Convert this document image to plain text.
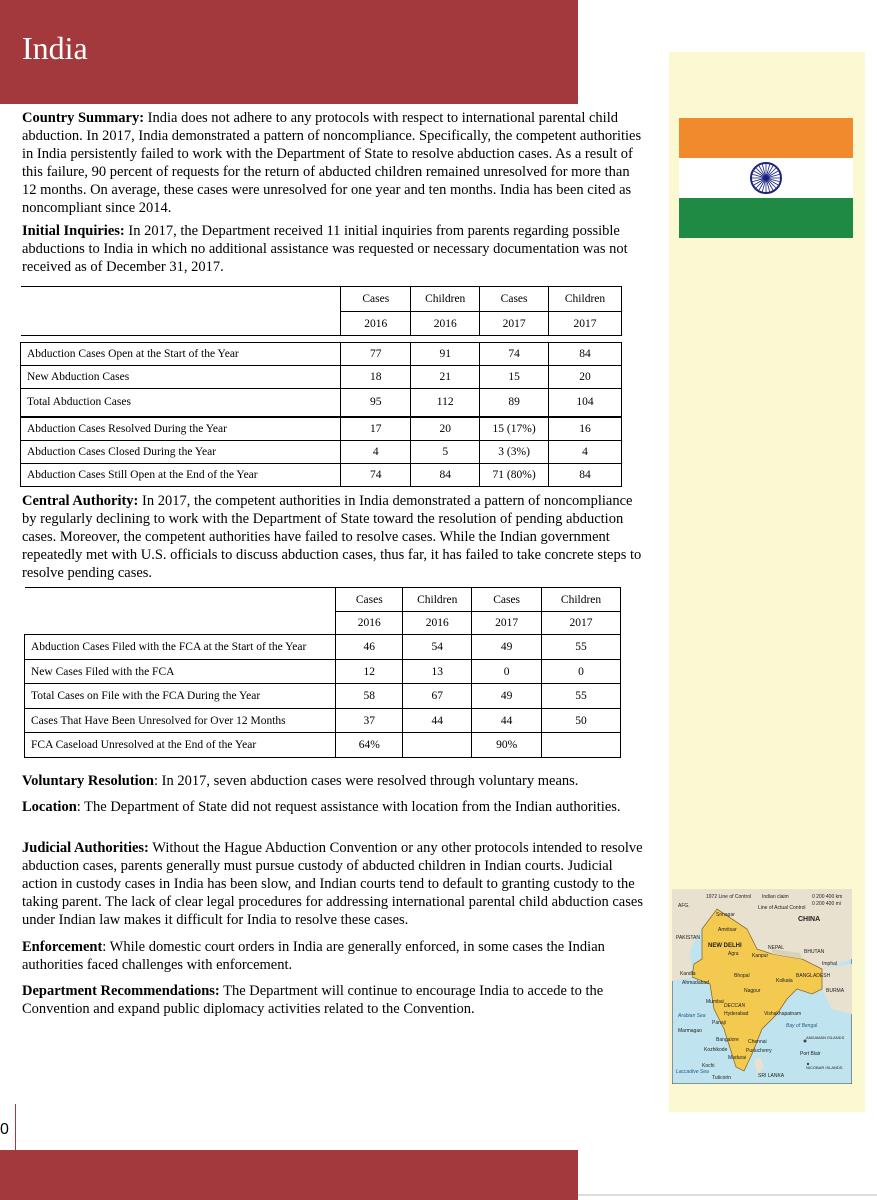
India
1972 Line of Control Indian claim
Line of Actual Control
AFG.
Srinagar
CHINA
PAKISTAN
Amritsar
NEW DELHI
Agra	Kanpur
NEPAL
BHUTAN
Imphal
Kandla
Ahmadabad
Bhopal	BANGLADESH
Kolkata
Nagpur	BURMA
Mumbai
DECCAN
Hyderabad	Vishakhapatnam
Arabian Sea
Panaji	Bay of Bengal
Marmagao
Bangalore Chennai
ANDAMAN ISLANDS
Kozhikode	Puducherry	Port Blair
Madurai
Kochi	NICOBAR ISLANDS
Laccadive Sea
Tuticorin	SRI LANKA
0 200 400 km
0 200 400 mi

Country Summary: India does not adhere to any protocols with respect to international parental child abduction. In 2017, India demonstrated a pattern of noncompliance. Specifically, the competent authorities in India persistently failed to work with the Department of State to resolve abduction cases. As a result of this failure, 90 percent of requests for the return of abducted children remained unresolved for more than 12 months. On average, these cases were unresolved for one year and ten months. India has been cited as noncompliant since 2014.

Initial Inquiries: In 2017, the Department received 11 initial inquiries from parents regarding possible abductions to India in which no additional assistance was requested or necessary documentation was not received as of December 31, 2017.

	Cases	Children	Cases	Children
	2016	2016	2017	2017

Abduction Cases Open at the Start of the Year	77	91	74	84
New Abduction Cases	18	21	15	20
Total Abduction Cases	95	112	89	104
Abduction Cases Resolved During the Year	17	20	15 (17%)	16
Abduction Cases Closed During the Year	4	5	3 (3%)	4
Abduction Cases Still Open at the End of the Year	74	84	71 (80%)	84

Central Authority: In 2017, the competent authorities in India demonstrated a pattern of noncompliance by regularly declining to work with the Department of State toward the resolution of pending abduction cases. Moreover, the competent authorities have failed to resolve cases. While the Indian government repeatedly met with U.S. officials to discuss abduction cases, thus far, it has failed to take concrete steps to resolve pending cases.

	Cases	Children	Cases	Children
	2016	2016	2017	2017
Abduction Cases Filed with the FCA at the Start of the Year	46	54	49	55
New Cases Filed with the FCA	12	13	0	0
Total Cases on File with the FCA During the Year	58	67	49	55
Cases That Have Been Unresolved for Over 12 Months	37	44	44	50
FCA Caseload Unresolved at the End of the Year	64%		90%	

Voluntary Resolution: In 2017, seven abduction cases were resolved through voluntary means.

Location: The Department of State did not request assistance with location from the Indian authorities.

Judicial Authorities: Without the Hague Abduction Convention or any other protocols intended to resolve abduction cases, parents generally must pursue custody of abducted children in Indian courts. Judicial action in custody cases in India has been slow, and Indian courts tend to default to granting custody to the taking parent. The lack of clear legal procedures for addressing international parental child abduction cases under Indian law makes it difficult for India to resolve these cases.

Enforcement: While domestic court orders in India are generally enforced, in some cases the Indian authorities faced challenges with enforcement.

Department Recommendations: The Department will continue to encourage India to accede to the Convention and expand public diplomacy activities related to the Convention.

0
